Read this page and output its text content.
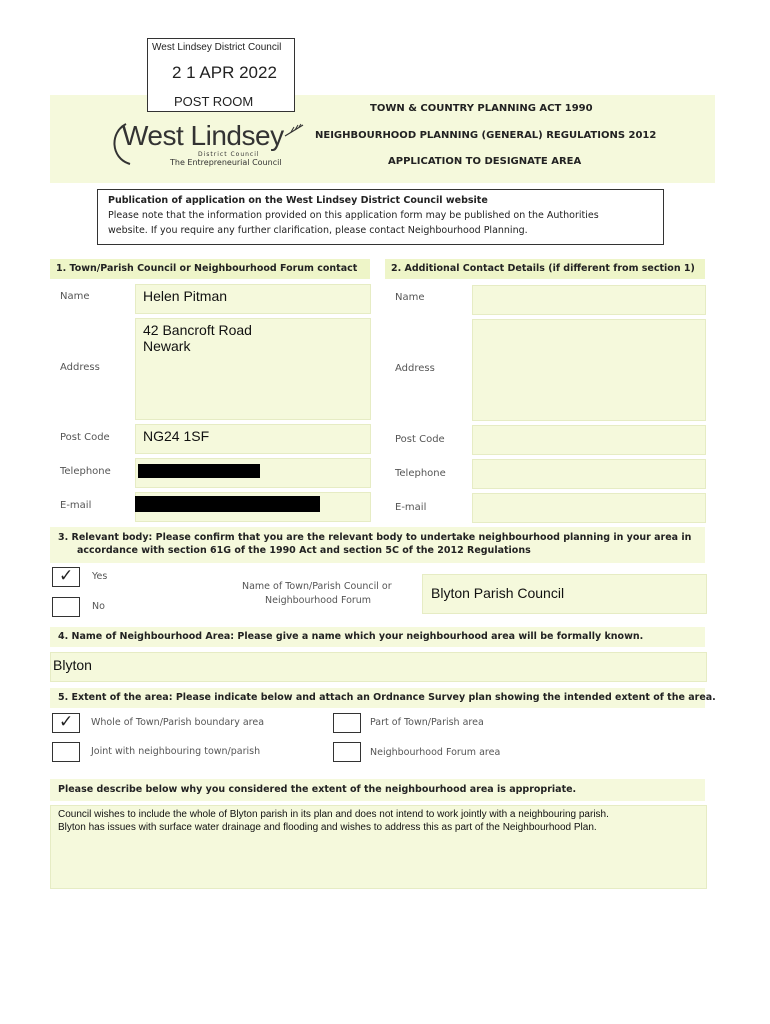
West Lindsey District Council
2 1 APR 2022
POST ROOM
West Lindsey
District Council
The Entrepreneurial Council
TOWN & COUNTRY PLANNING ACT 1990
NEIGHBOURHOOD PLANNING (GENERAL) REGULATIONS 2012
APPLICATION TO DESIGNATE AREA
Publication of application on the West Lindsey District Council website
Please note that the information provided on this application form may be published on the Authorities
website. If you require any further clarification, please contact Neighbourhood Planning.
1. Town/Parish Council or Neighbourhood Forum contact	2. Additional Contact Details (if different from section 1)
Name	Helen Pitman
Address
42 Bancroft Road
Newark
Post Code NG24 1SF
Telephone
E-mail
Name
Address
Post Code
Telephone
E-mail
3. Relevant body: Please confirm that you are the relevant body to undertake neighbourhood planning in your area in
accordance with section 61G of the 1990 Act and section 5C of the 2012 Regulations
✓ Yes
No
Name of Town/Parish Council or
Neighbourhood Forum	Blyton Parish Council
4. Name of Neighbourhood Area: Please give a name which your neighbourhood area will be formally known.
Blyton
5. Extent of the area: Please indicate below and attach an Ordnance Survey plan showing the intended extent of the area.
✓ Whole of Town/Parish boundary area	Part of Town/Parish area
Joint with neighbouring town/parish	Neighbourhood Forum area
Please describe below why you considered the extent of the neighbourhood area is appropriate.
Council wishes to include the whole of Blyton parish in its plan and does not intend to work jointly with a neighbouring parish.
Blyton has issues with surface water drainage and flooding and wishes to address this as part of the Neighbourhood Plan.
